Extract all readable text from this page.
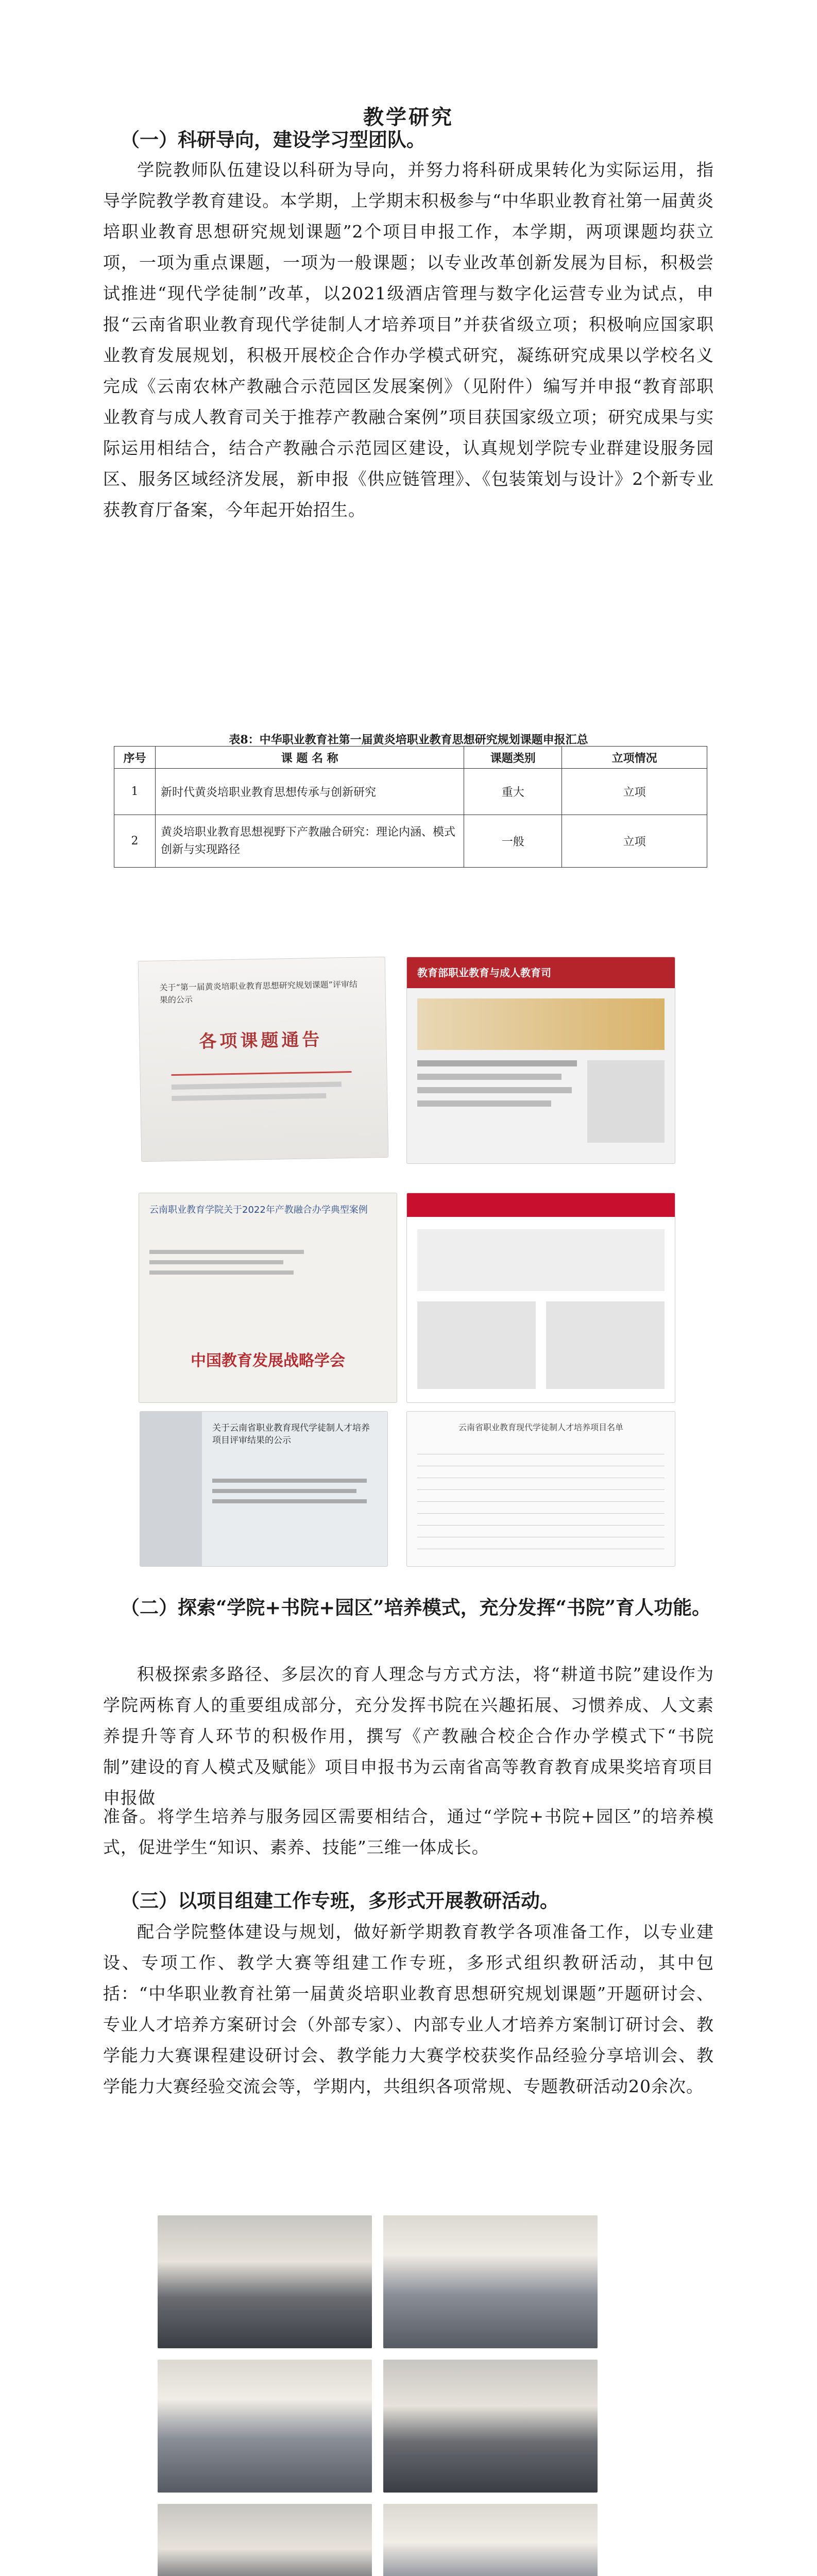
教学研究
（一）科研导向，建设学习型团队。
学院教师队伍建设以科研为导向，并努力将科研成果转化为实际运用，指导学院教学教育建设。本学期，上学期末积极参与“中华职业教育社第一届黄炎培职业教育思想研究规划课题”2个项目申报工作，本学期，两项课题均获立项，一项为重点课题，一项为一般课题；以专业改革创新发展为目标，积极尝试推进“现代学徒制”改革，以2021级酒店管理与数字化运营专业为试点，申报“云南省职业教育现代学徒制人才培养项目”并获省级立项；积极响应国家职业教育发展规划，积极开展校企合作办学模式研究，凝练研究成果以学校名义完成《云南农林产教融合示范园区发展案例》（见附件）编写并申报“教育部职业教育与成人教育司关于推荐产教融合案例”项目获国家级立项；研究成果与实际运用相结合，结合产教融合示范园区建设，认真规划学院专业群建设服务园区、服务区域经济发展，新申报《供应链管理》、《包装策划与设计》2个新专业获教育厅备案，今年起开始招生。
表8：中华职业教育社第一届黄炎培职业教育思想研究规划课题申报汇总
序号	课 题 名 称	课题类别	立项情况
1	新时代黄炎培职业教育思想传承与创新研究	重大	立项
2	黄炎培职业教育思想视野下产教融合研究：理论内涵、模式创新与实现路径	一般	立项
关于“第一届黄炎培职业教育思想研究规划课题”评审结果的公示
各项课题通告
教育部职业教育与成人教育司
云南职业教育学院关于2022年产教融合办学典型案例
中国教育发展战略学会
关于云南省职业教育现代学徒制人才培养项目评审结果的公示
云南省职业教育现代学徒制人才培养项目名单
（二）探索“学院+书院+园区”培养模式，充分发挥“书院”育人功能。
积极探索多路径、多层次的育人理念与方式方法，将“耕道书院”建设作为学院两栋育人的重要组成部分，充分发挥书院在兴趣拓展、习惯养成、人文素养提升等育人环节的积极作用，撰写《产教融合校企合作办学模式下“书院制”建设的育人模式及赋能》项目申报书为云南省高等教育教育成果奖培育项目申报做
准备。将学生培养与服务园区需要相结合，通过“学院+书院+园区”的培养模式，促进学生“知识、素养、技能”三维一体成长。
（三）以项目组建工作专班，多形式开展教研活动。
配合学院整体建设与规划，做好新学期教育教学各项准备工作，以专业建设、专项工作、教学大赛等组建工作专班，多形式组织教研活动，其中包括：“中华职业教育社第一届黄炎培职业教育思想研究规划课题”开题研讨会、专业人才培养方案研讨会（外部专家）、内部专业人才培养方案制订研讨会、教学能力大赛课程建设研讨会、教学能力大赛学校获奖作品经验分享培训会、教学能力大赛经验交流会等，学期内，共组织各项常规、专题教研活动20余次。
